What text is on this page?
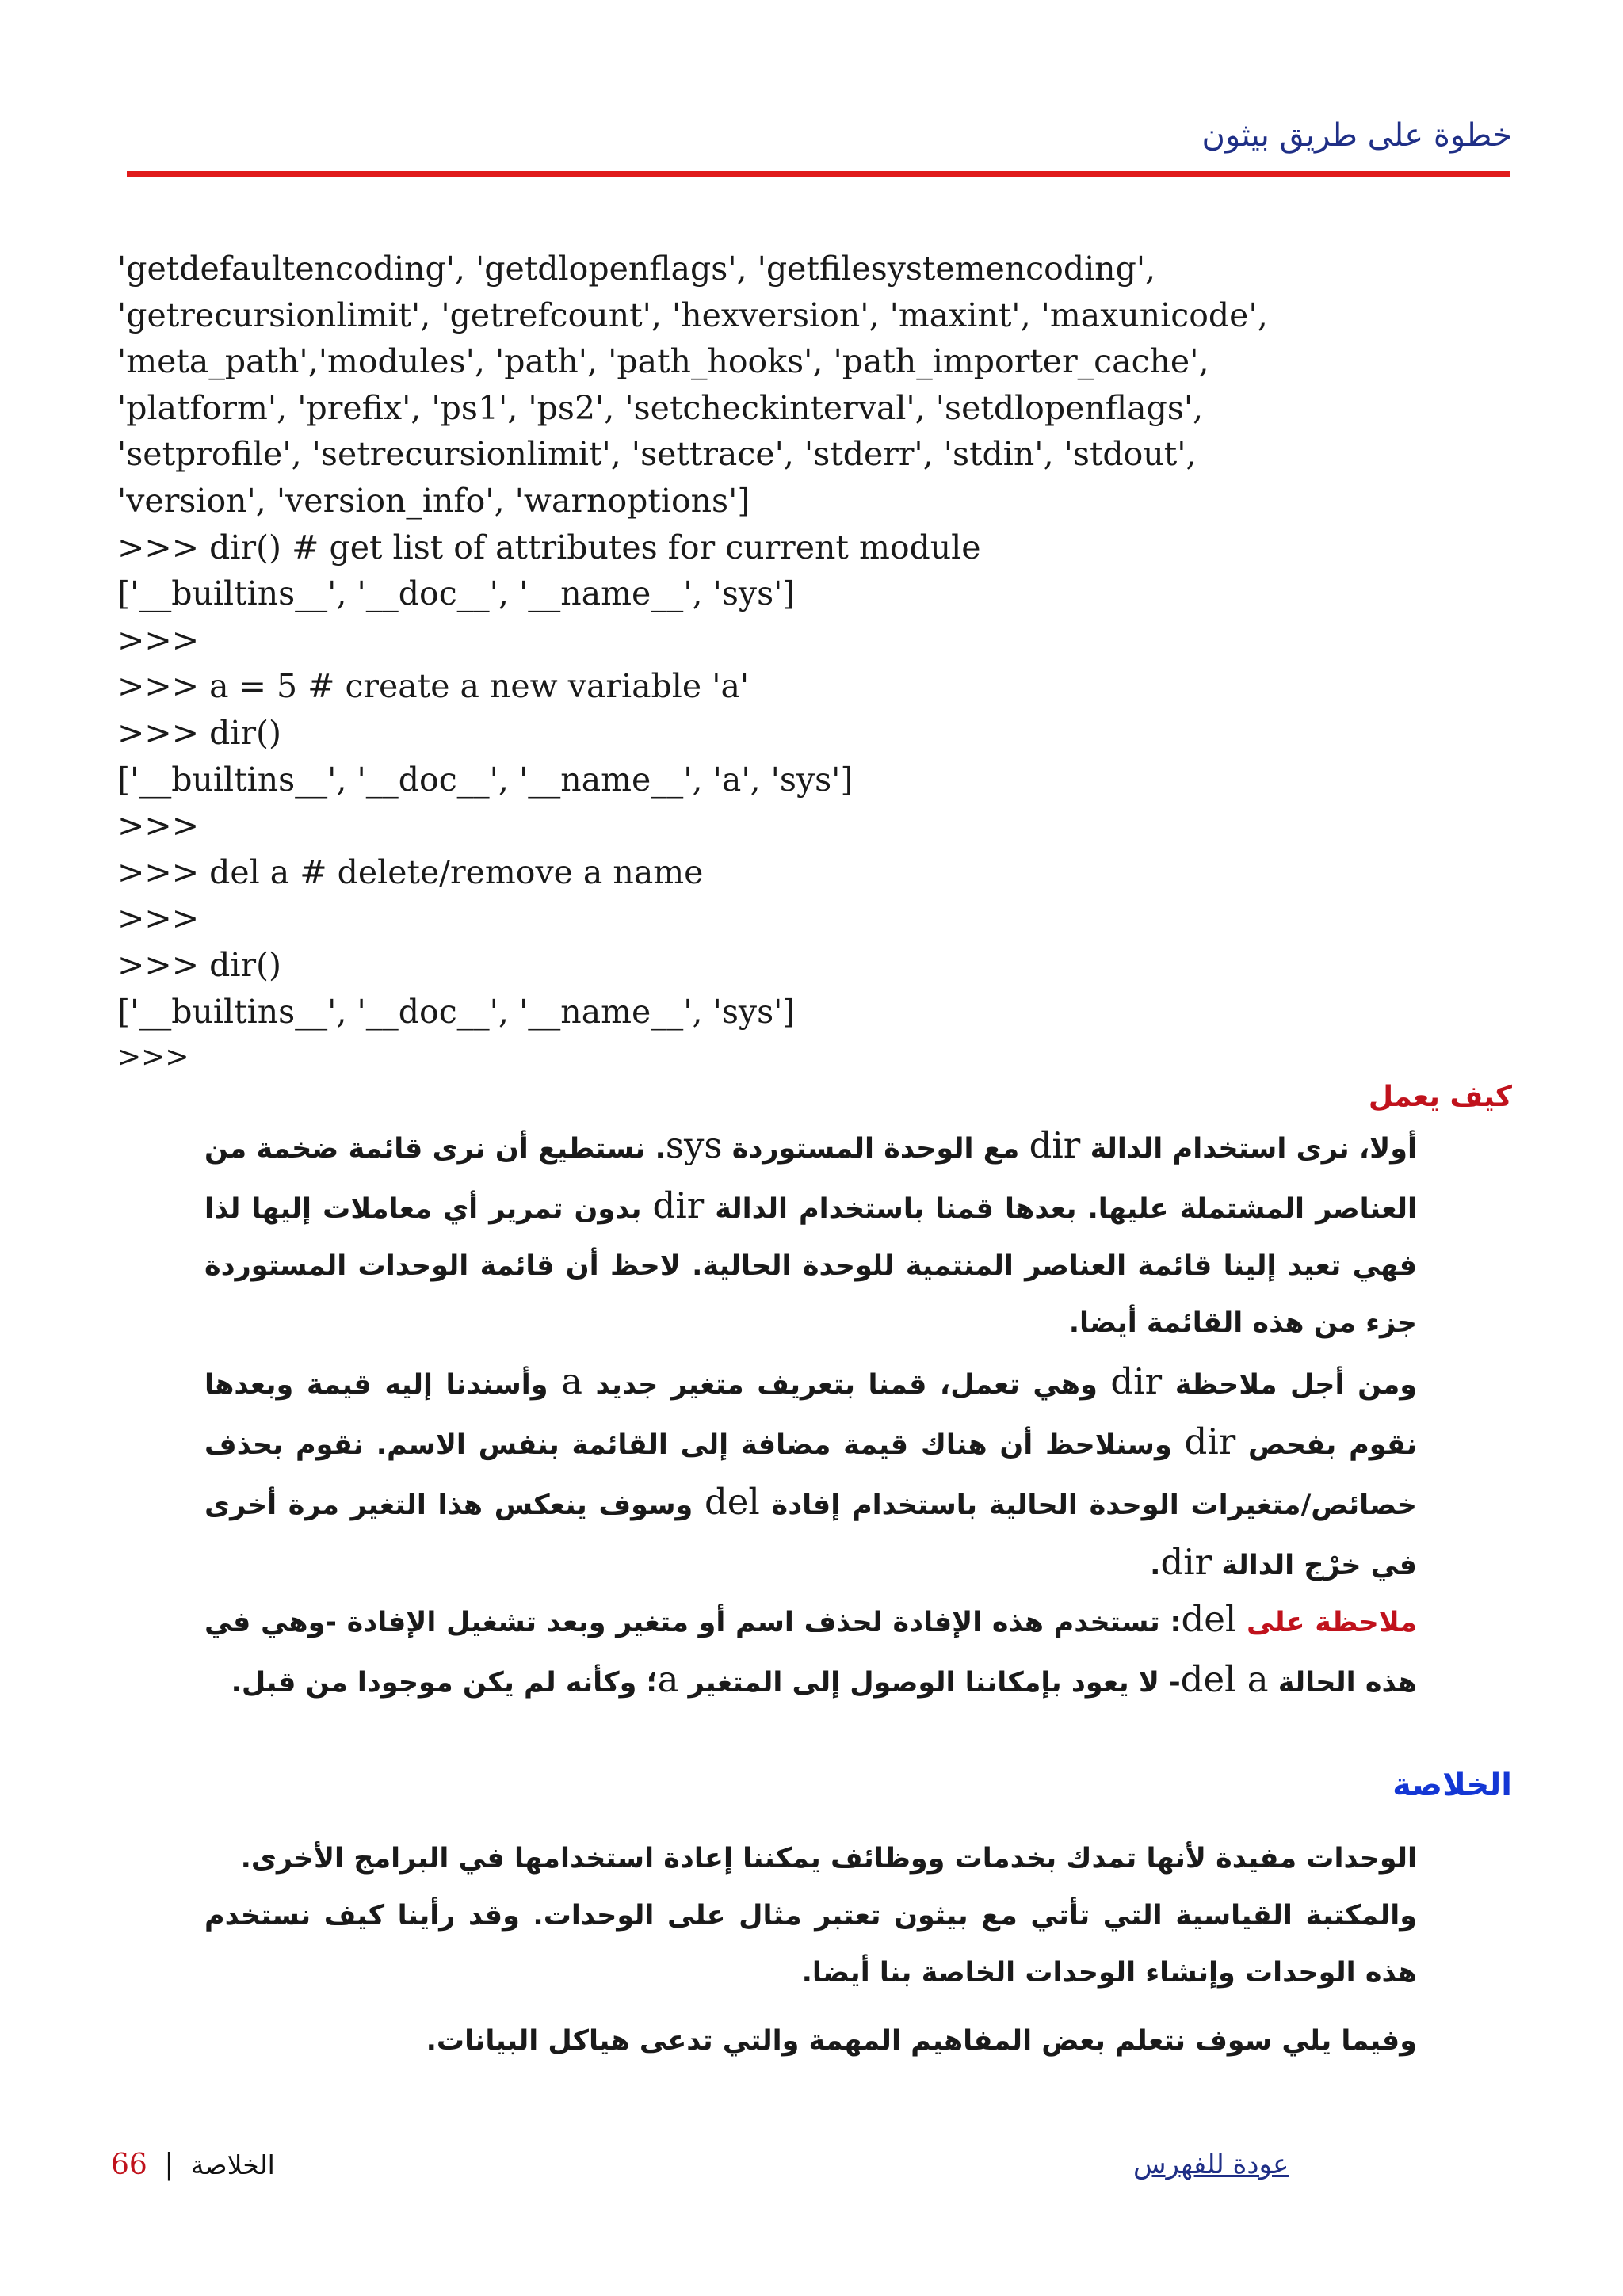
خطوة على طريق بيثون
'getdefaultencoding', 'getdlopenflags', 'getfilesystemencoding',
'getrecursionlimit', 'getrefcount', 'hexversion', 'maxint', 'maxunicode',
'meta_path','modules', 'path', 'path_hooks', 'path_importer_cache',
'platform', 'prefix', 'ps1', 'ps2', 'setcheckinterval', 'setdlopenflags',
'setprofile', 'setrecursionlimit', 'settrace', 'stderr', 'stdin', 'stdout',
'version', 'version_info', 'warnoptions']
>>> dir() # get list of attributes for current module
['__builtins__', '__doc__', '__name__', 'sys']
>>>
>>> a = 5 # create a new variable 'a'
>>> dir()
['__builtins__', '__doc__', '__name__', 'a', 'sys']
>>>
>>> del a # delete/remove a name
>>>
>>> dir()
['__builtins__', '__doc__', '__name__', 'sys']
>>>
كيف يعمل

أولا، نرى استخدام الدالة dir مع الوحدة المستوردة sys. نستطيع أن نرى قائمة ضخمة من العناصر المشتملة عليها. بعدها قمنا باستخدام الدالة dir بدون تمرير أي معاملات إليها لذا فهي تعيد إلينا قائمة العناصر المنتمية للوحدة الحالية. لاحظ أن قائمة الوحدات المستوردة جزء من هذه القائمة أيضا.

ومن أجل ملاحظة dir وهي تعمل، قمنا بتعريف متغير جديد a وأسندنا إليه قيمة وبعدها نقوم بفحص dir وسنلاحظ أن هناك قيمة مضافة إلى القائمة بنفس الاسم. نقوم بحذف خصائص/متغيرات الوحدة الحالية باستخدام إفادة del وسوف ينعكس هذا التغير مرة أخرى في خرْج الدالة dir.

ملاحظة على del: تستخدم هذه الإفادة لحذف اسم أو متغير وبعد تشغيل الإفادة -وهي في هذه الحالة del a- لا يعود بإمكاننا الوصول إلى المتغير a؛ وكأنه لم يكن موجودا من قبل.

الخلاصة

الوحدات مفيدة لأنها تمدك بخدمات ووظائف يمكننا إعادة استخدامها في البرامج الأخرى.

والمكتبة القياسية التي تأتي مع بيثون تعتبر مثال على الوحدات. وقد رأينا كيف نستخدم هذه الوحدات وإنشاء الوحدات الخاصة بنا أيضا.

وفيما يلي سوف نتعلم بعض المفاهيم المهمة والتي تدعى هياكل البيانات.

66 | الخلاصة	عودة للفهرس
